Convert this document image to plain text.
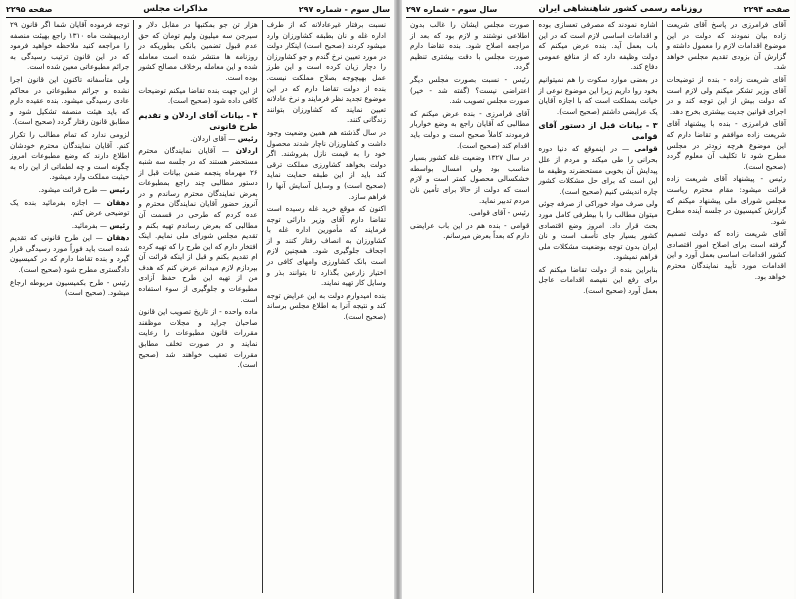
سال سوم - شماره ۲۹۷
مذاکرات مجلس
صفحه ۲۲۹۵

نسبت برفتار غیرعادلانه که از طرف اداره غله و نان بطبقه کشاورزان وارد میشود کردند (صحیح است) اینکار دولت در مورد تعیین نرخ گندم و جو کشاورزان را دچار زیان کرده است و این طرز عمل بهیچوجه بصلاح مملکت نیست. بنده از دولت تقاضا دارم که در این موضوع تجدید نظر فرمایند و نرخ عادلانه تعیین نمایند که کشاورزان بتوانند زندگانی کنند.

در سال گذشته هم همین وضعیت وجود داشت و کشاورزان ناچار شدند محصول خود را به قیمت نازل بفروشند. اگر دولت بخواهد کشاورزی مملکت ترقی کند باید از این طبقه حمایت نماید (صحیح است) و وسایل آسایش آنها را فراهم سازد.

اکنون که موقع خرید غله رسیده است تقاضا دارم آقای وزیر دارائی توجه فرمایند که مأمورین اداره غله با کشاورزان به انصاف رفتار کنند و از اجحاف جلوگیری شود. همچنین لازم است بانک کشاورزی وامهای کافی در اختیار زارعین بگذارد تا بتوانند بذر و وسایل کار تهیه نمایند.

بنده امیدوارم دولت به این عرایض توجه کند و نتیجه آنرا به اطلاع مجلس برساند (صحیح است).

هزار تن جو بمکتبها در مقابل دلار و سیرجن سه میلیون ولیم تومان که حق عدم قبول تضمین بانکی بطوریکه در روزنامه ها منتشر شده است معامله شده و این معامله برخلاف مصالح کشور بوده است.

از این جهت بنده تقاضا میکنم توضیحات کافی داده شود (صحیح است).

۴ - بیانات آقای اردلان و تقدیم طرح قانونی

رئیس — آقای اردلان.

اردلان — آقایان نمایندگان محترم مستحضر هستند که در جلسه سه شنبه ۲۶ مهرماه پنجمه ضمن بیانات قبل از دستور مطالبی چند راجع بمطبوعات بعرض نمایندگان محترم رساندم و در آنروز حضور آقایان نمایندگان محترم و عده کردم که طرحی در قسمت آن مطالبی که بعرض رساندم تهیه بکنم و تقدیم مجلس شورای ملی نمایم. اینک افتخار دارم که این طرح را که تهیه کرده ام تقدیم بکنم و قبل از اینکه قرائت آن بپردازم لازم میدانم عرض کنم که هدف من از تهیه این طرح حفظ آزادی مطبوعات و جلوگیری از سوء استفاده است.

ماده واحده - از تاریخ تصویب این قانون صاحبان جراید و مجلات موظفند مقررات قانون مطبوعات را رعایت نمایند و در صورت تخلف مطابق مقررات تعقیب خواهند شد (صحیح است).

توجه فرموده آقایان شما اگر قانون ۲۹ اردیبهشت ماه ۱۳۱۰ راجع بهیئت منصفه را مراجعه کنید ملاحظه خواهید فرمود که در این قانون ترتیب رسیدگی به جرائم مطبوعاتی معین شده است.

ولی متأسفانه تاکنون این قانون اجرا نشده و جرائم مطبوعاتی در محاکم عادی رسیدگی میشود. بنده عقیده دارم که باید هیئت منصفه تشکیل شود و مطابق قانون رفتار گردد (صحیح است).

لزومی ندارد که تمام مطالب را تکرار کنم. آقایان نمایندگان محترم خودشان اطلاع دارند که وضع مطبوعات امروز چگونه است و چه لطماتی از این راه به حیثیت مملکت وارد میشود.

رئیس — طرح قرائت میشود.

دهقان — اجازه بفرمائید بنده یک توضیحی عرض کنم.

رئیس — بفرمائید.

دهقان — این طرح قانونی که تقدیم شده است باید فوراً مورد رسیدگی قرار گیرد و بنده تقاضا دارم که در کمیسیون دادگستری مطرح شود (صحیح است).

رئیس - طرح بکمیسیون مربوطه ارجاع میشود. (صحیح است)

صفحه ۲۲۹۴
روزنامه رسمی کشور شاهنشاهی ایران
سال سوم - شماره ۲۹۷

آقای فرامرزی در پاسخ آقای شریعت زاده بیان نمودند که دولت در این موضوع اقدامات لازم را معمول داشته و گزارش آن بزودی تقدیم مجلس خواهد شد.

آقای شریعت زاده - بنده از توضیحات آقای وزیر تشکر میکنم ولی لازم است که دولت بیش از این توجه کند و در اجرای قوانین جدیت بیشتری بخرج دهد.

آقای فرامرزی - بنده با پیشنهاد آقای شریعت زاده موافقم و تقاضا دارم که این موضوع هرچه زودتر در مجلس مطرح شود تا تکلیف آن معلوم گردد (صحیح است).

رئیس - پیشنهاد آقای شریعت زاده قرائت میشود: مقام محترم ریاست مجلس شورای ملی پیشنهاد میکنم که گزارش کمیسیون در جلسه آینده مطرح شود.

آقای شریعت زاده که دولت تصمیم گرفته است برای اصلاح امور اقتصادی کشور اقدامات اساسی بعمل آورد و این اقدامات مورد تأیید نمایندگان محترم خواهد بود.

اشاره نمودند که مصرفی تعسازی بوده و اقدامات اساسی لازم است که در این باب بعمل آید. بنده عرض میکنم که دولت وظیفه دارد که از منافع عمومی دفاع کند.

در بعضی موارد سکوت را هم نمیتوانیم بخود روا داریم زیرا این موضوع نوعی از خیانت بمملکت است که با اجازه آقایان یک عرایضی داشتم (صحیح است).

۳ - بیانات قبل از دستور آقای قوامی

قوامی — در اینموقع که دنیا دوره بحرانی را طی میکند و مردم از علل پیدایش آن بخوبی مستحضرند وظیفه ما این است که برای حل مشکلات کشور چاره اندیشی کنیم (صحیح است).

ولی صرف مواد خوراکی از صرفه جوئی میتوان مطالب را با بیطرفی کامل مورد بحث قرار داد. امروز وضع اقتصادی کشور بسیار جای تأسف است و نان ایران بدون توجه بوضعیت مشکلات ملی فراهم نمیشود.

بنابراین بنده از دولت تقاضا میکنم که برای رفع این نقیصه اقدامات عاجل بعمل آورد (صحیح است).

صورت مجلس ایشان را غالب بدون اطلاعی نوشتند و لازم بود که بعد از مراجعه اصلاح شود. بنده تقاضا دارم صورت مجلس با دقت بیشتری تنظیم گردد.

رئیس - نسبت بصورت مجلس دیگر اعتراضی نیست؟ (گفته شد - خیر) صورت مجلس تصویب شد.

آقای فرامرزی - بنده عرض میکنم که مطالبی که آقایان راجع به وضع خواربار فرمودند کاملاً صحیح است و دولت باید اقدام کند (صحیح است).

در سال ۱۳۲۷ وضعیت غله کشور بسیار مناسب بود ولی امسال بواسطه خشکسالی محصول کمتر است و لازم است که دولت از حالا برای تأمین نان مردم تدبیر نماید.

رئیس - آقای قوامی.

قوامی - بنده هم در این باب عرایضی دارم که بعداً بعرض میرسانم.
